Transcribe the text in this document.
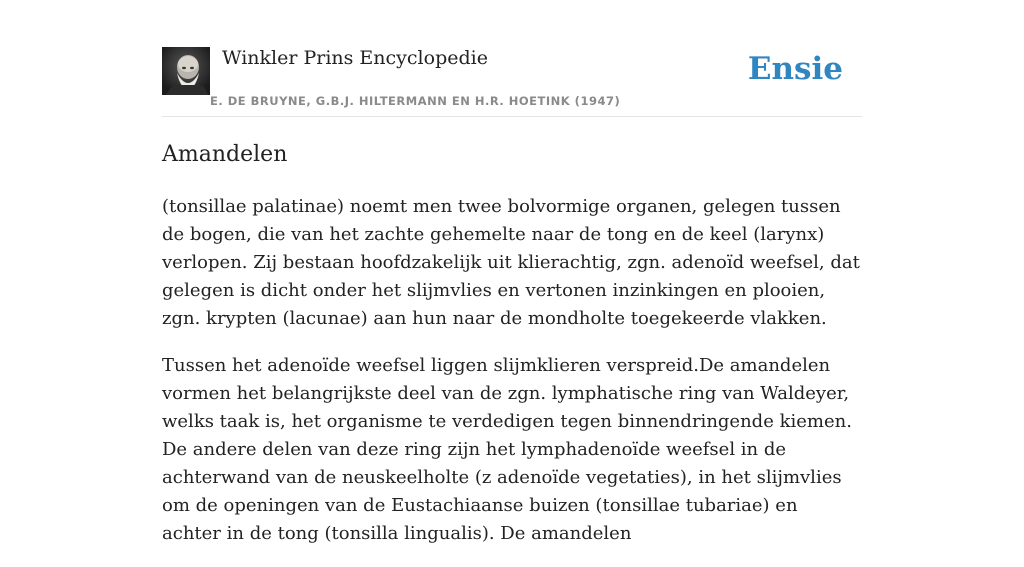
Winkler Prins Encyclopedie
E. DE BRUYNE, G.B.J. HILTERMANN EN H.R. HOETINK (1947)
Ensie
Amandelen

(tonsillae palatinae) noemt men twee bolvormige organen, gelegen tussen de bogen, die van het zachte gehemelte naar de tong en de keel (larynx) verlopen. Zij bestaan hoofdzakelijk uit klierachtig, zgn. adenoïd weefsel, dat gelegen is dicht onder het slijmvlies en vertonen inzinkingen en plooien, zgn. krypten (lacunae) aan hun naar de mondholte toegekeerde vlakken.

Tussen het adenoïde weefsel liggen slijmklieren verspreid.De amandelen vormen het belangrijkste deel van de zgn. lymphatische ring van Waldeyer, welks taak is, het organisme te verdedigen tegen binnendringende kiemen. De andere delen van deze ring zijn het lymphadenoïde weefsel in de achterwand van de neuskeelholte (z adenoïde vegetaties), in het slijmvlies om de openingen van de Eustachiaanse buizen (tonsillae tubariae) en achter in de tong (tonsilla lingualis). De amandelen
